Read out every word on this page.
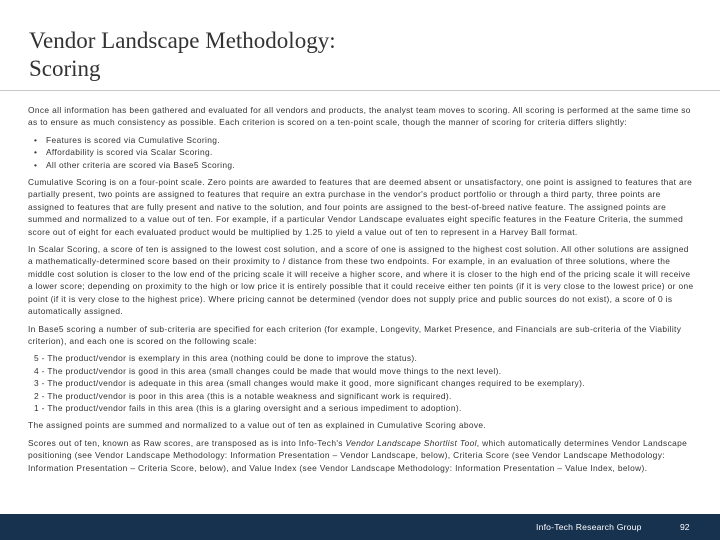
Vendor Landscape Methodology:
Scoring

Once all information has been gathered and evaluated for all vendors and products, the analyst team moves to scoring. All scoring is performed at the same time so as to ensure as much consistency as possible. Each criterion is scored on a ten-point scale, though the manner of scoring for criteria differs slightly:

• Features is scored via Cumulative Scoring.
• Affordability is scored via Scalar Scoring.
• All other criteria are scored via Base5 Scoring.

Cumulative Scoring is on a four-point scale. Zero points are awarded to features that are deemed absent or unsatisfactory, one point is assigned to features that are partially present, two points are assigned to features that require an extra purchase in the vendor's product portfolio or through a third party, three points are assigned to features that are fully present and native to the solution, and four points are assigned to the best-of-breed native feature. The assigned points are summed and normalized to a value out of ten. For example, if a particular Vendor Landscape evaluates eight specific features in the Feature Criteria, the summed score out of eight for each evaluated product would be multiplied by 1.25 to yield a value out of ten to represent in a Harvey Ball format.

In Scalar Scoring, a score of ten is assigned to the lowest cost solution, and a score of one is assigned to the highest cost solution. All other solutions are assigned a mathematically-determined score based on their proximity to / distance from these two endpoints. For example, in an evaluation of three solutions, where the middle cost solution is closer to the low end of the pricing scale it will receive a higher score, and where it is closer to the high end of the pricing scale it will receive a lower score; depending on proximity to the high or low price it is entirely possible that it could receive either ten points (if it is very close to the lowest price) or one point (if it is very close to the highest price). Where pricing cannot be determined (vendor does not supply price and public sources do not exist), a score of 0 is automatically assigned.

In Base5 scoring a number of sub-criteria are specified for each criterion (for example, Longevity, Market Presence, and Financials are sub-criteria of the Viability criterion), and each one is scored on the following scale:

5 - The product/vendor is exemplary in this area (nothing could be done to improve the status).
4 - The product/vendor is good in this area (small changes could be made that would move things to the next level).
3 - The product/vendor is adequate in this area (small changes would make it good, more significant changes required to be exemplary).
2 - The product/vendor is poor in this area (this is a notable weakness and significant work is required).
1 - The product/vendor fails in this area (this is a glaring oversight and a serious impediment to adoption).

The assigned points are summed and normalized to a value out of ten as explained in Cumulative Scoring above.

Scores out of ten, known as Raw scores, are transposed as is into Info-Tech's Vendor Landscape Shortlist Tool, which automatically determines Vendor Landscape positioning (see Vendor Landscape Methodology: Information Presentation – Vendor Landscape, below), Criteria Score (see Vendor Landscape Methodology: Information Presentation – Criteria Score, below), and Value Index (see Vendor Landscape Methodology: Information Presentation – Value Index, below).

Info-Tech Research Group	92
